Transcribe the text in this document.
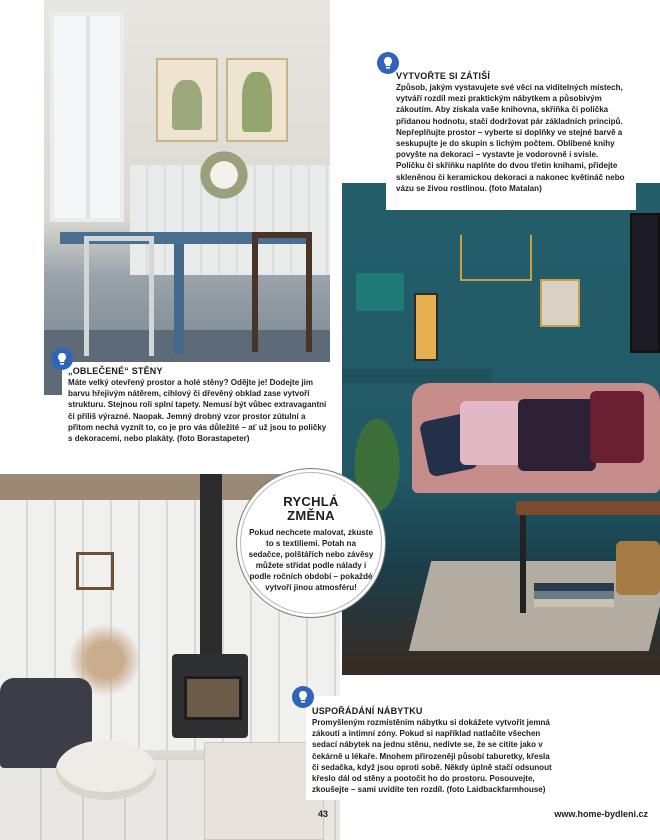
VYTVOŘTE SI ZÁTIŠÍ

Způsob, jakým vystavujete své věci na viditelných místech, vytváří rozdíl mezi praktickým nábytkem a působivým zákoutím. Aby získala vaše knihovna, skříňka či polička přidanou hodnotu, stačí dodržovat pár základních principů. Nepřeplňujte prostor – vyberte si doplňky ve stejné barvě a seskupujte je do skupin s lichým počtem. Oblíbené knihy povyšte na dekoraci – vystavte je vodorovně i svisle. Poličku či skříňku naplňte do dvou třetin knihami, přidejte skleněnou či keramickou dekoraci a nakonec květináč nebo vázu se živou rostlinou. (foto Matalan)

„OBLEČENÉ“ STĚNY

Máte velký otevřený prostor a holé stěny? Odějte je! Dodejte jim barvu hřejivým nátěrem, cihlový či dřevěný obklad zase vytvoří strukturu. Stejnou roli splní tapety. Nemusí být vůbec extravagantní či příliš výrazné. Naopak. Jemný drobný vzor prostor zútulní a přitom nechá vyznít to, co je pro vás důležité – ať už jsou to poličky s dekoracemi, nebo plakáty. (foto Borastapeter)

RYCHLÁ ZMĚNA
Pokud nechcete malovat, zkuste to s textiliemi. Potah na sedačce, polštářích nebo závěsy můžete střídat podle nálady i podle ročních období – pokaždé vytvoří jinou atmosféru!
USPOŘÁDÁNÍ NÁBYTKU

Promyšleným rozmístěním nábytku si dokážete vytvořit jemná zákoutí a intimní zóny. Pokud si například natlačíte všechen sedací nábytek na jednu stěnu, nedivte se, že se cítíte jako v čekárně u lékaře. Mnohem přirozeněji působí taburetky, křesla či sedačka, když jsou oproti sobě. Někdy úplně stačí odsunout křeslo dál od stěny a pootočit ho do prostoru. Posouvejte, zkoušejte – sami uvidíte ten rozdíl. (foto Laidbackfarmhouse)

43	www.home-bydleni.cz
